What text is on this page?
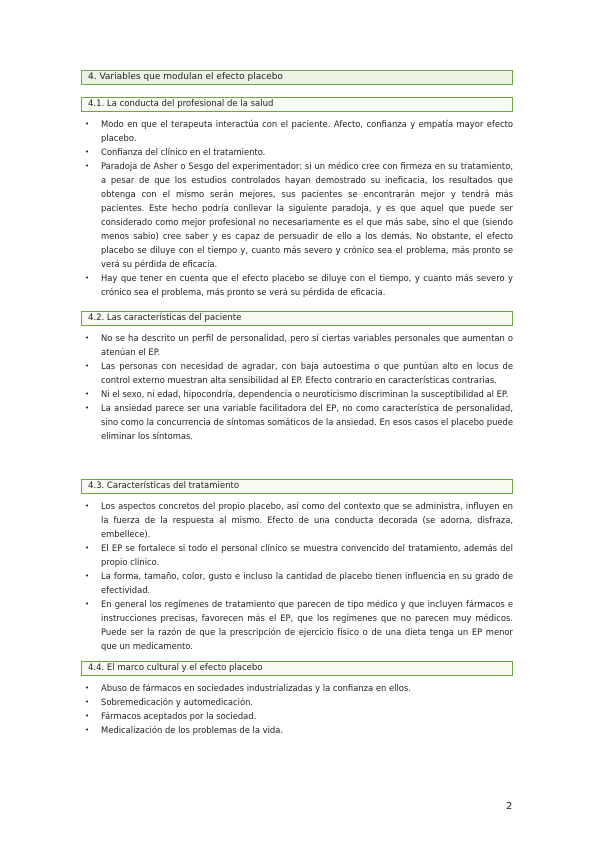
4. Variables que modulan el efecto placebo
4.1. La conducta del profesional de la salud
• Modo en que el terapeuta interactúa con el paciente. Afecto, confianza y empatía mayor efecto placebo.
• Confianza del clínico en el tratamiento.
• Paradoja de Asher o Sesgo del experimentador: si un médico cree con firmeza en su tratamiento, a pesar de que los estudios controlados hayan demostrado su ineficacia, los resultados que obtenga con el mismo serán mejores, sus pacientes se encontrarán mejor y tendrá más pacientes. Este hecho podría conllevar la siguiente paradoja, y es que aquel que puede ser considerado como mejor profesional no necesariamente es el que más sabe, sino el que (siendo menos sabio) cree saber y es capaz de persuadir de ello a los demás. No obstante, el efecto placebo se diluye con el tiempo y, cuanto más severo y crónico sea el problema, más pronto se verá su pérdida de eficacia.
• Hay que tener en cuenta que el efecto placebo se diluye con el tiempo, y cuanto más severo y crónico sea el problema, más pronto se verá su pérdida de eficacia.
4.2. Las características del paciente
• No se ha descrito un perfil de personalidad, pero sí ciertas variables personales que aumentan o atenúan el EP.
• Las personas con necesidad de agradar, con baja autoestima o que puntúan alto en locus de control externo muestran alta sensibilidad al EP. Efecto contrario en características contrarias.
• Ni el sexo, ni edad, hipocondría, dependencia o neuroticismo discriminan la susceptibilidad al EP.
• La ansiedad parece ser una variable facilitadora del EP, no como característica de personalidad, sino como la concurrencia de síntomas somáticos de la ansiedad. En esos casos el placebo puede eliminar los síntomas.
4.3. Características del tratamiento
• Los aspectos concretos del propio placebo, así como del contexto que se administra, influyen en la fuerza de la respuesta al mismo. Efecto de una conducta decorada (se adorna, disfraza, embellece).
• El EP se fortalece si todo el personal clínico se muestra convencido del tratamiento, además del propio clínico.
• La forma, tamaño, color, gusto e incluso la cantidad de placebo tienen influencia en su grado de efectividad.
• En general los regímenes de tratamiento que parecen de tipo médico y que incluyen fármacos e instrucciones precisas, favorecen más el EP, que los regímenes que no parecen muy médicos. Puede ser la razón de que la prescripción de ejercicio físico o de una dieta tenga un EP menor que un medicamento.
4.4. El marco cultural y el efecto placebo
• Abuso de fármacos en sociedades industrializadas y la confianza en ellos.
• Sobremedicación y automedicación.
• Fármacos aceptados por la sociedad.
• Medicalización de los problemas de la vida.
2
